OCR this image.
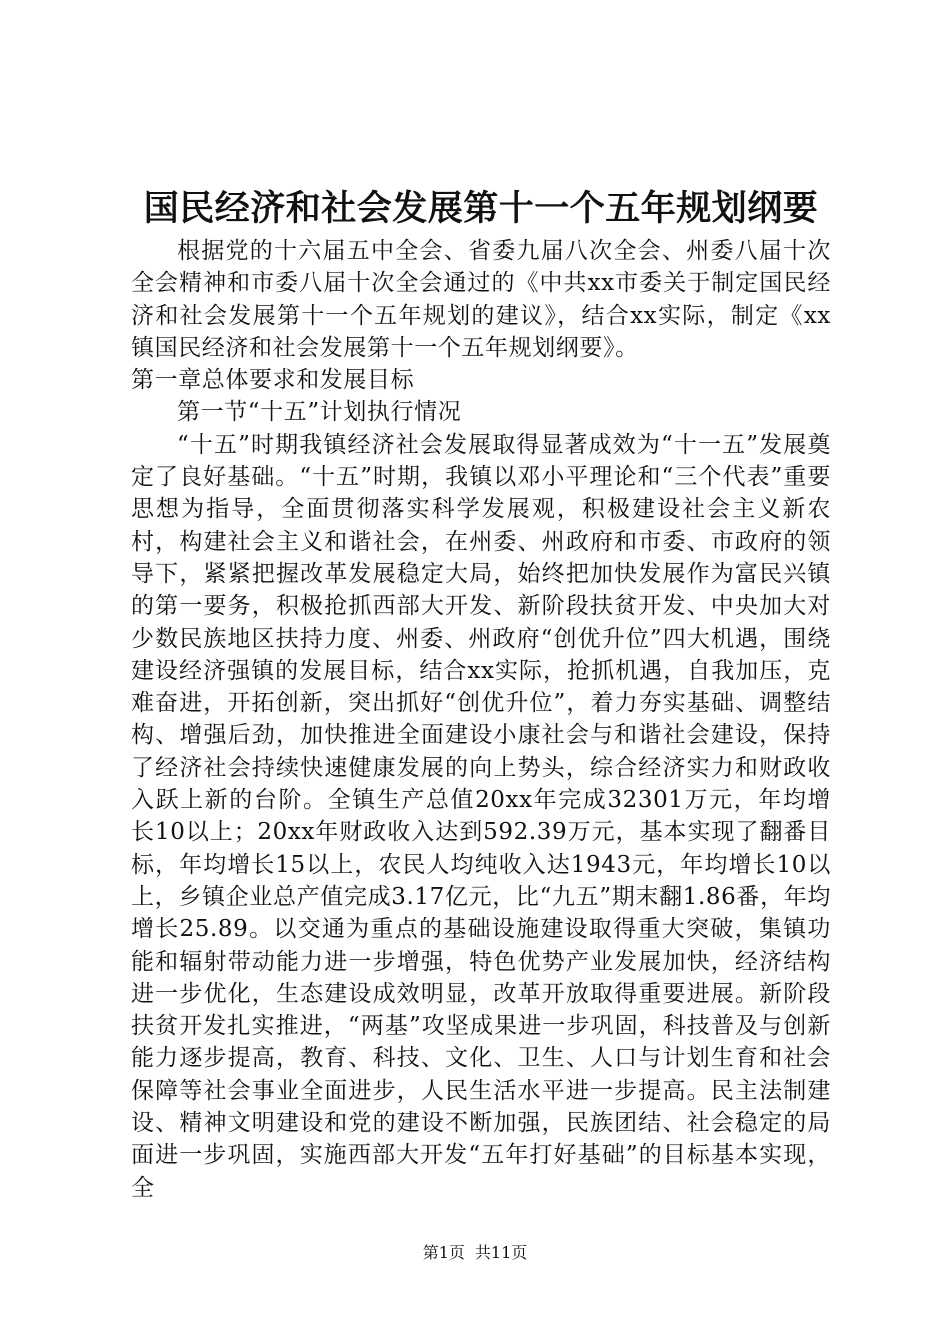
国民经济和社会发展第十一个五年规划纲要

根据党的十六届五中全会、省委九届八次全会、州委八届十次全会精神和市委八届十次全会通过的《中共xx市委关于制定国民经济和社会发展第十一个五年规划的建议》，结合xx实际，制定《xx镇国民经济和社会发展第十一个五年规划纲要》。

第一章总体要求和发展目标

第一节“十五”计划执行情况

“十五”时期我镇经济社会发展取得显著成效为“十一五”发展奠定了良好基础。“十五”时期，我镇以邓小平理论和“三个代表”重要思想为指导，全面贯彻落实科学发展观，积极建设社会主义新农村，构建社会主义和谐社会，在州委、州政府和市委、市政府的领导下，紧紧把握改革发展稳定大局，始终把加快发展作为富民兴镇的第一要务，积极抢抓西部大开发、新阶段扶贫开发、中央加大对少数民族地区扶持力度、州委、州政府“创优升位”四大机遇，围绕建设经济强镇的发展目标，结合xx实际，抢抓机遇，自我加压，克难奋进，开拓创新，突出抓好“创优升位”，着力夯实基础、调整结构、增强后劲，加快推进全面建设小康社会与和谐社会建设，保持了经济社会持续快速健康发展的向上势头，综合经济实力和财政收入跃上新的台阶。全镇生产总值20xx年完成32301万元，年均增长10以上；20xx年财政收入达到592.39万元，基本实现了翻番目标，年均增长15以上，农民人均纯收入达1943元，年均增长10以上，乡镇企业总产值完成3.17亿元，比“九五”期末翻1.86番，年均增长25.89。以交通为重点的基础设施建设取得重大突破，集镇功能和辐射带动能力进一步增强，特色优势产业发展加快，经济结构进一步优化，生态建设成效明显，改革开放取得重要进展。新阶段扶贫开发扎实推进，“两基”攻坚成果进一步巩固，科技普及与创新能力逐步提高，教育、科技、文化、卫生、人口与计划生育和社会保障等社会事业全面进步，人民生活水平进一步提高。民主法制建设、精神文明建设和党的建设不断加强，民族团结、社会稳定的局面进一步巩固，实施西部大开发“五年打好基础”的目标基本实现，全

第1页 共11页
